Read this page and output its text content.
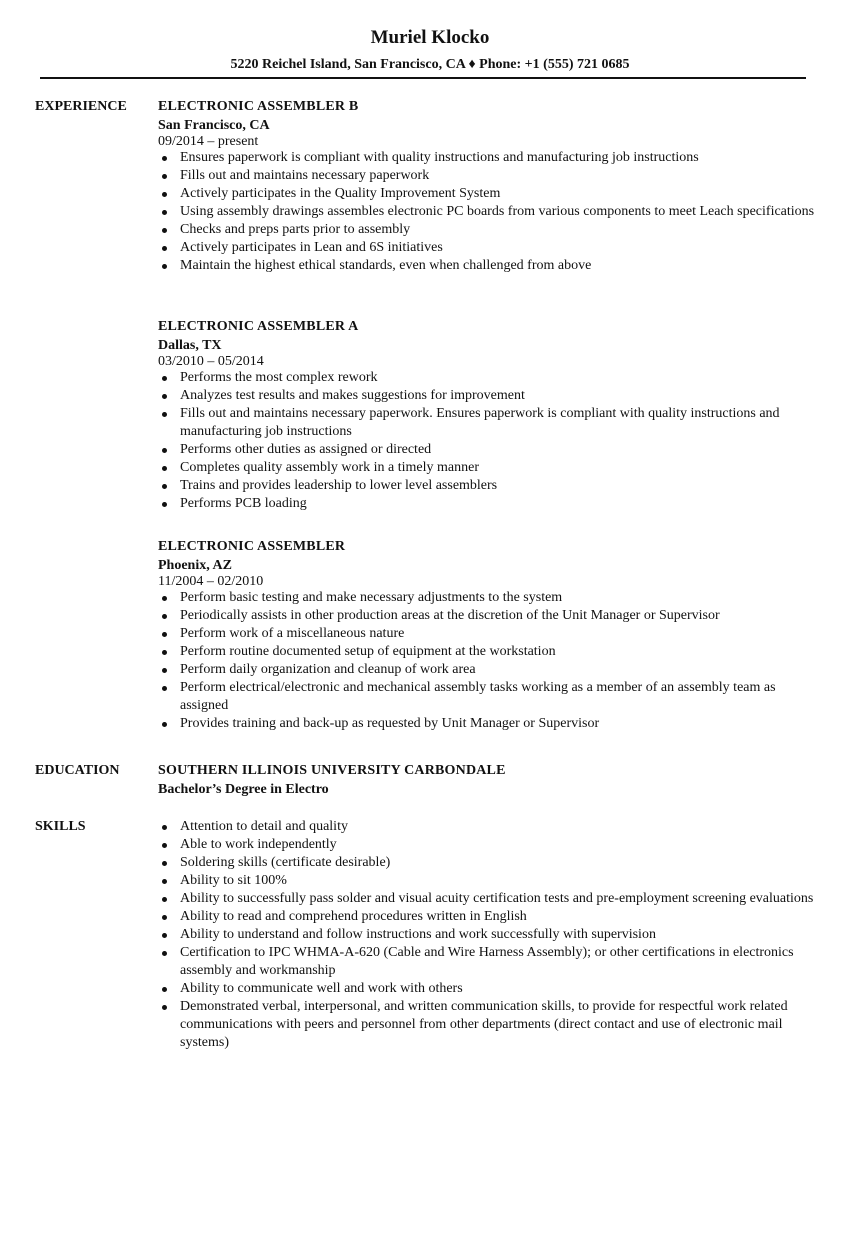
Muriel Klocko
5220 Reichel Island, San Francisco, CA ♦ Phone: +1 (555) 721 0685
EXPERIENCE ELECTRONIC ASSEMBLER B
San Francisco, CA
09/2014 – present
Ensures paperwork is compliant with quality instructions and manufacturing job instructions
Fills out and maintains necessary paperwork
Actively participates in the Quality Improvement System
Using assembly drawings assembles electronic PC boards from various components to meet Leach specifications
Checks and preps parts prior to assembly
Actively participates in Lean and 6S initiatives
Maintain the highest ethical standards, even when challenged from above
ELECTRONIC ASSEMBLER A
Dallas, TX
03/2010 – 05/2014
Performs the most complex rework
Analyzes test results and makes suggestions for improvement
Fills out and maintains necessary paperwork. Ensures paperwork is compliant with quality instructions and manufacturing job instructions
Performs other duties as assigned or directed
Completes quality assembly work in a timely manner
Trains and provides leadership to lower level assemblers
Performs PCB loading
ELECTRONIC ASSEMBLER
Phoenix, AZ
11/2004 – 02/2010
Perform basic testing and make necessary adjustments to the system
Periodically assists in other production areas at the discretion of the Unit Manager or Supervisor
Perform work of a miscellaneous nature
Perform routine documented setup of equipment at the workstation
Perform daily organization and cleanup of work area
Perform electrical/electronic and mechanical assembly tasks working as a member of an assembly team as assigned
Provides training and back-up as requested by Unit Manager or Supervisor
EDUCATION	SOUTHERN ILLINOIS UNIVERSITY CARBONDALE
Bachelor’s Degree in Electro
SKILLS	Attention to detail and quality
Able to work independently
Soldering skills (certificate desirable)
Ability to sit 100%
Ability to successfully pass solder and visual acuity certification tests and pre-employment screening evaluations
Ability to read and comprehend procedures written in English
Ability to understand and follow instructions and work successfully with supervision
Certification to IPC WHMA-A-620 (Cable and Wire Harness Assembly); or other certifications in electronics assembly and workmanship
Ability to communicate well and work with others
Demonstrated verbal, interpersonal, and written communication skills, to provide for respectful work related communications with peers and personnel from other departments (direct contact and use of electronic mail systems)
